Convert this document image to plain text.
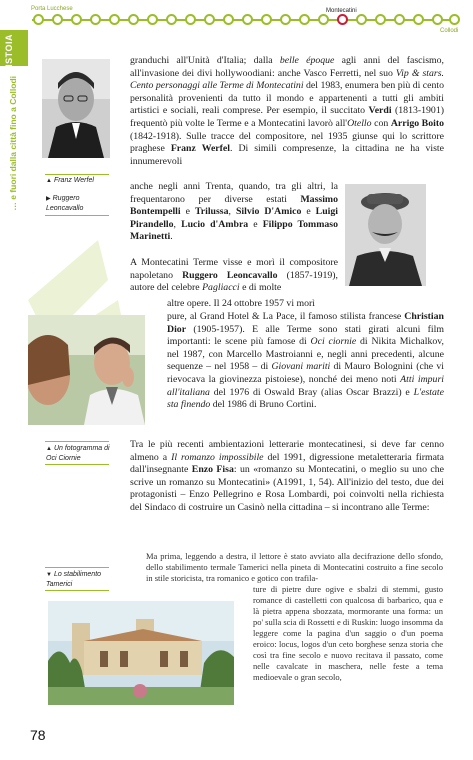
Porta Lucchese	Montecatini
Collodi
PISTOIA
… e fuori dalla città fino a Collodi	▲ Franz Werfel
▶ Ruggero Leoncavallo
▲ Un fotogramma di Oci Ciornie
▼ Lo stabilimento Tamerici
granduchi all'Unità d'Italia; dalla belle époque agli anni del fascismo, all'invasione dei divi hollywoodiani: anche Vasco Ferretti, nel suo Vip & stars. Cento personaggi alle Terme di Montecatini del 1983, enumera ben più di cento personalità provenienti da tutto il mondo e appartenenti a tutti gli ambiti artistici e sociali, reali comprese. Per esempio, il succitato Verdi (1813-1901) frequentò più volte le Terme e a Montecatini lavorò all'Otello con Arrigo Boito (1842-1918). Sulle tracce del compositore, nel 1935 giunse qui lo scrittore praghese Franz Werfel. Di simili compresenze, la cittadina ne ha viste innumerevoli
anche negli anni Trenta, quando, tra gli altri, la frequentarono per diverse estati Massimo Bontempelli e Trilussa, Silvio D'Amico e Luigi Pirandello, Lucio d'Ambra e Filippo Tommaso Marinetti.
A Montecatini Terme visse e morì il compositore napoletano Ruggero Leoncavallo (1857-1919), autore del celebre Pagliacci e di molte
altre opere. Il 24 ottobre 1957 vi morì
pure, al Grand Hotel & La Pace, il famoso stilista francese Christian Dior (1905-1957). E alle Terme sono stati girati alcuni film importanti: le scene più famose di Oci ciornie di Nikita Michalkov, nel 1987, con Marcello Mastroianni e, negli anni precedenti, alcune sequenze – nel 1958 – di Giovani mariti di Mauro Bolognini (che vi rievocava la giovinezza pistoiese), nonché dei meno noti Atti impuri all'italiana del 1976 di Oswald Bray (alias Oscar Brazzi) e L'estate sta finendo del 1986 di Bruno Cortini.
Tra le più recenti ambientazioni letterarie montecatinesi, si deve far cenno almeno a Il romanzo impossibile del 1991, digressione metaletteraria firmata dall'insegnante Enzo Fisa: un «romanzo su Montecatini, o meglio su uno che scrive un romanzo su Montecatini» (A1991, 1, 54). All'inizio del testo, due dei protagonisti – Enzo Pellegrino e Rosa Lombardi, poi coinvolti nella richiesta del Sindaco di costruire un Casinò nella cittadina – si incontrano alle Terme:
Ma prima, leggendo a destra, il lettore è stato avviato alla decifrazione dello sfondo, dello stabilimento termale Tamerici nella pineta di Montecatini costruito a fine secolo in stile storicista, tra romanico e gotico con trafila-
ture di pietre dure ogive e sbalzi di stemmi, gusto romance di castelletti con qualcosa di barbarico, qua e là pietra appena sbozzata, mormorante una forma: un po' sulla scia di Rossetti e di Ruskin: luogo insomma da leggere come la pagina d'un saggio o d'un poema eroico: locus, logos d'un ceto borghese senza storia che così tra fine secolo e nuovo recitava il passato, come nelle cavalcate in maschera, nelle feste a tema medioevale o gran secolo,
78
